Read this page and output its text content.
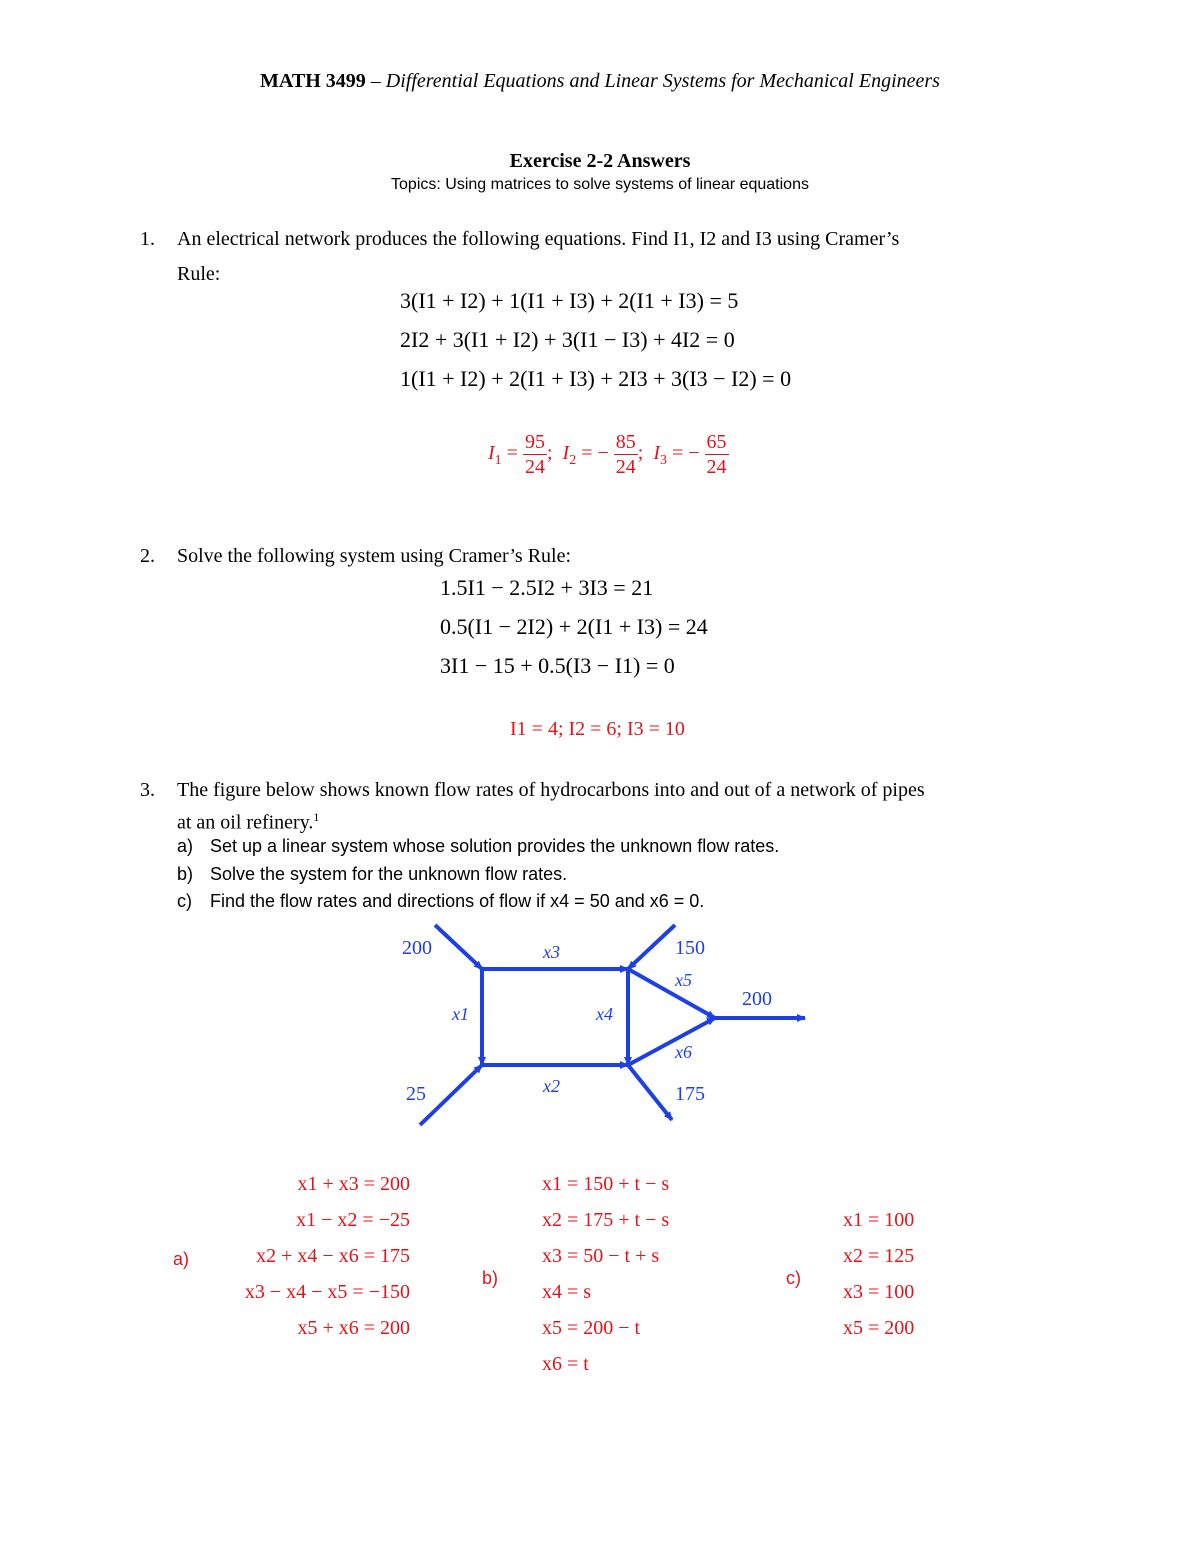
MATH 3499 – Differential Equations and Linear Systems for Mechanical Engineers
Exercise 2-2 Answers
Topics: Using matrices to solve systems of linear equations
1. An electrical network produces the following equations. Find I1, I2 and I3 using Cramer’s
Rule:
3(I1 + I2) + 1(I1 + I3) + 2(I1 + I3) = 5
2I2 + 3(I1 + I2) + 3(I1 − I3) + 4I2 = 0
1(I1 + I2) + 2(I1 + I3) + 2I3 + 3(I3 − I2) = 0
$I_1 = \frac{95}{24}$ ;  $I_2$ = − $\frac{85}{24}$ ;  $I_3$ = − $\frac{65}{24}$
2. Solve the following system using Cramer’s Rule:
1.5I1 − 2.5I2 + 3I3 = 21
0.5(I1 − 2I2) + 2(I1 + I3) = 24
3I1 − 15 + 0.5(I3 − I1) = 0
I1 = 4; I2 = 6; I3 = 10
3. The figure below shows known flow rates of hydrocarbons into and out of a network of pipes
at an oil refinery.$^1$
a) Set up a linear system whose solution provides the unknown flow rates.
b) Solve the system for the unknown flow rates.
c) Find the flow rates and directions of flow if x4 = 50 and x6 = 0.
200	150
200
25	175
x3
x1	x4
x2
x5
x6
a)
x1 + x3 = 200
x1 − x2 = −25
x2 + x4 − x6 = 175
x3 − x4 − x5 = −150
x5 + x6 = 200
b)
x1 = 150 + t − s
x2 = 175 + t − s
x3 = 50 − t + s
x4 = s
x5 = 200 − t
x6 = t
c)
x1 = 100
x2 = 125
x3 = 100
x5 = 200
